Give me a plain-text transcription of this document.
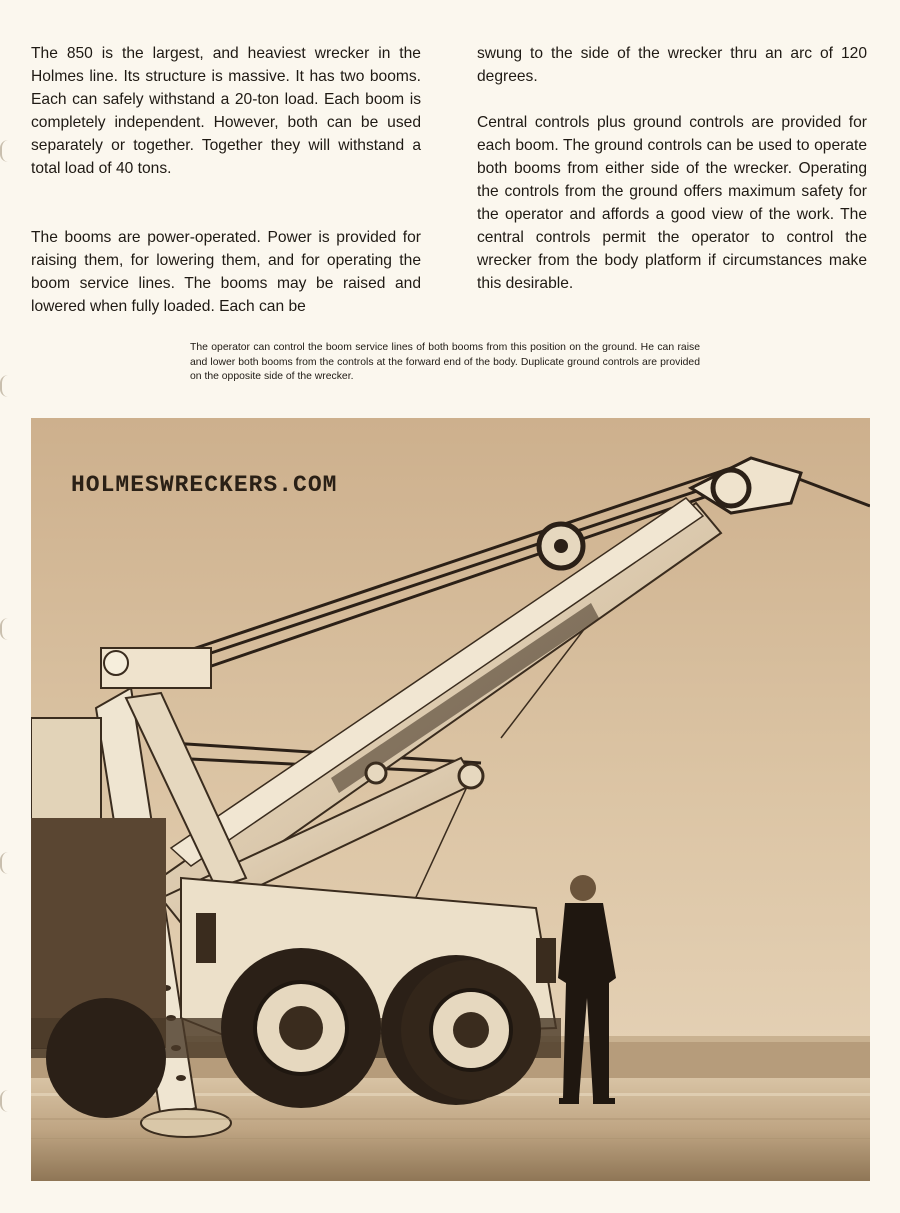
The 850 is the largest, and heaviest wrecker in the Holmes line. Its structure is massive. It has two booms. Each can safely withstand a 20-ton load. Each boom is completely independent. However, both can be used separately or together. Together they will withstand a total load of 40 tons.

The booms are power-operated. Power is provided for raising them, for lowering them, and for operating the boom service lines. The booms may be raised and lowered when fully loaded. Each can be

swung to the side of the wrecker thru an arc of 120 degrees.

Central controls plus ground controls are provided for each boom. The ground controls can be used to operate both booms from either side of the wrecker. Operating the controls from the ground offers maximum safety for the operator and affords a good view of the work. The central controls permit the operator to control the wrecker from the body platform if circumstances make this desirable.

The operator can control the boom service lines of both booms from this position on the ground. He can raise and lower both booms from the controls at the forward end of the body. Duplicate ground controls are provided on the opposite side of the wrecker.

HOLMESWRECKERS.COM
